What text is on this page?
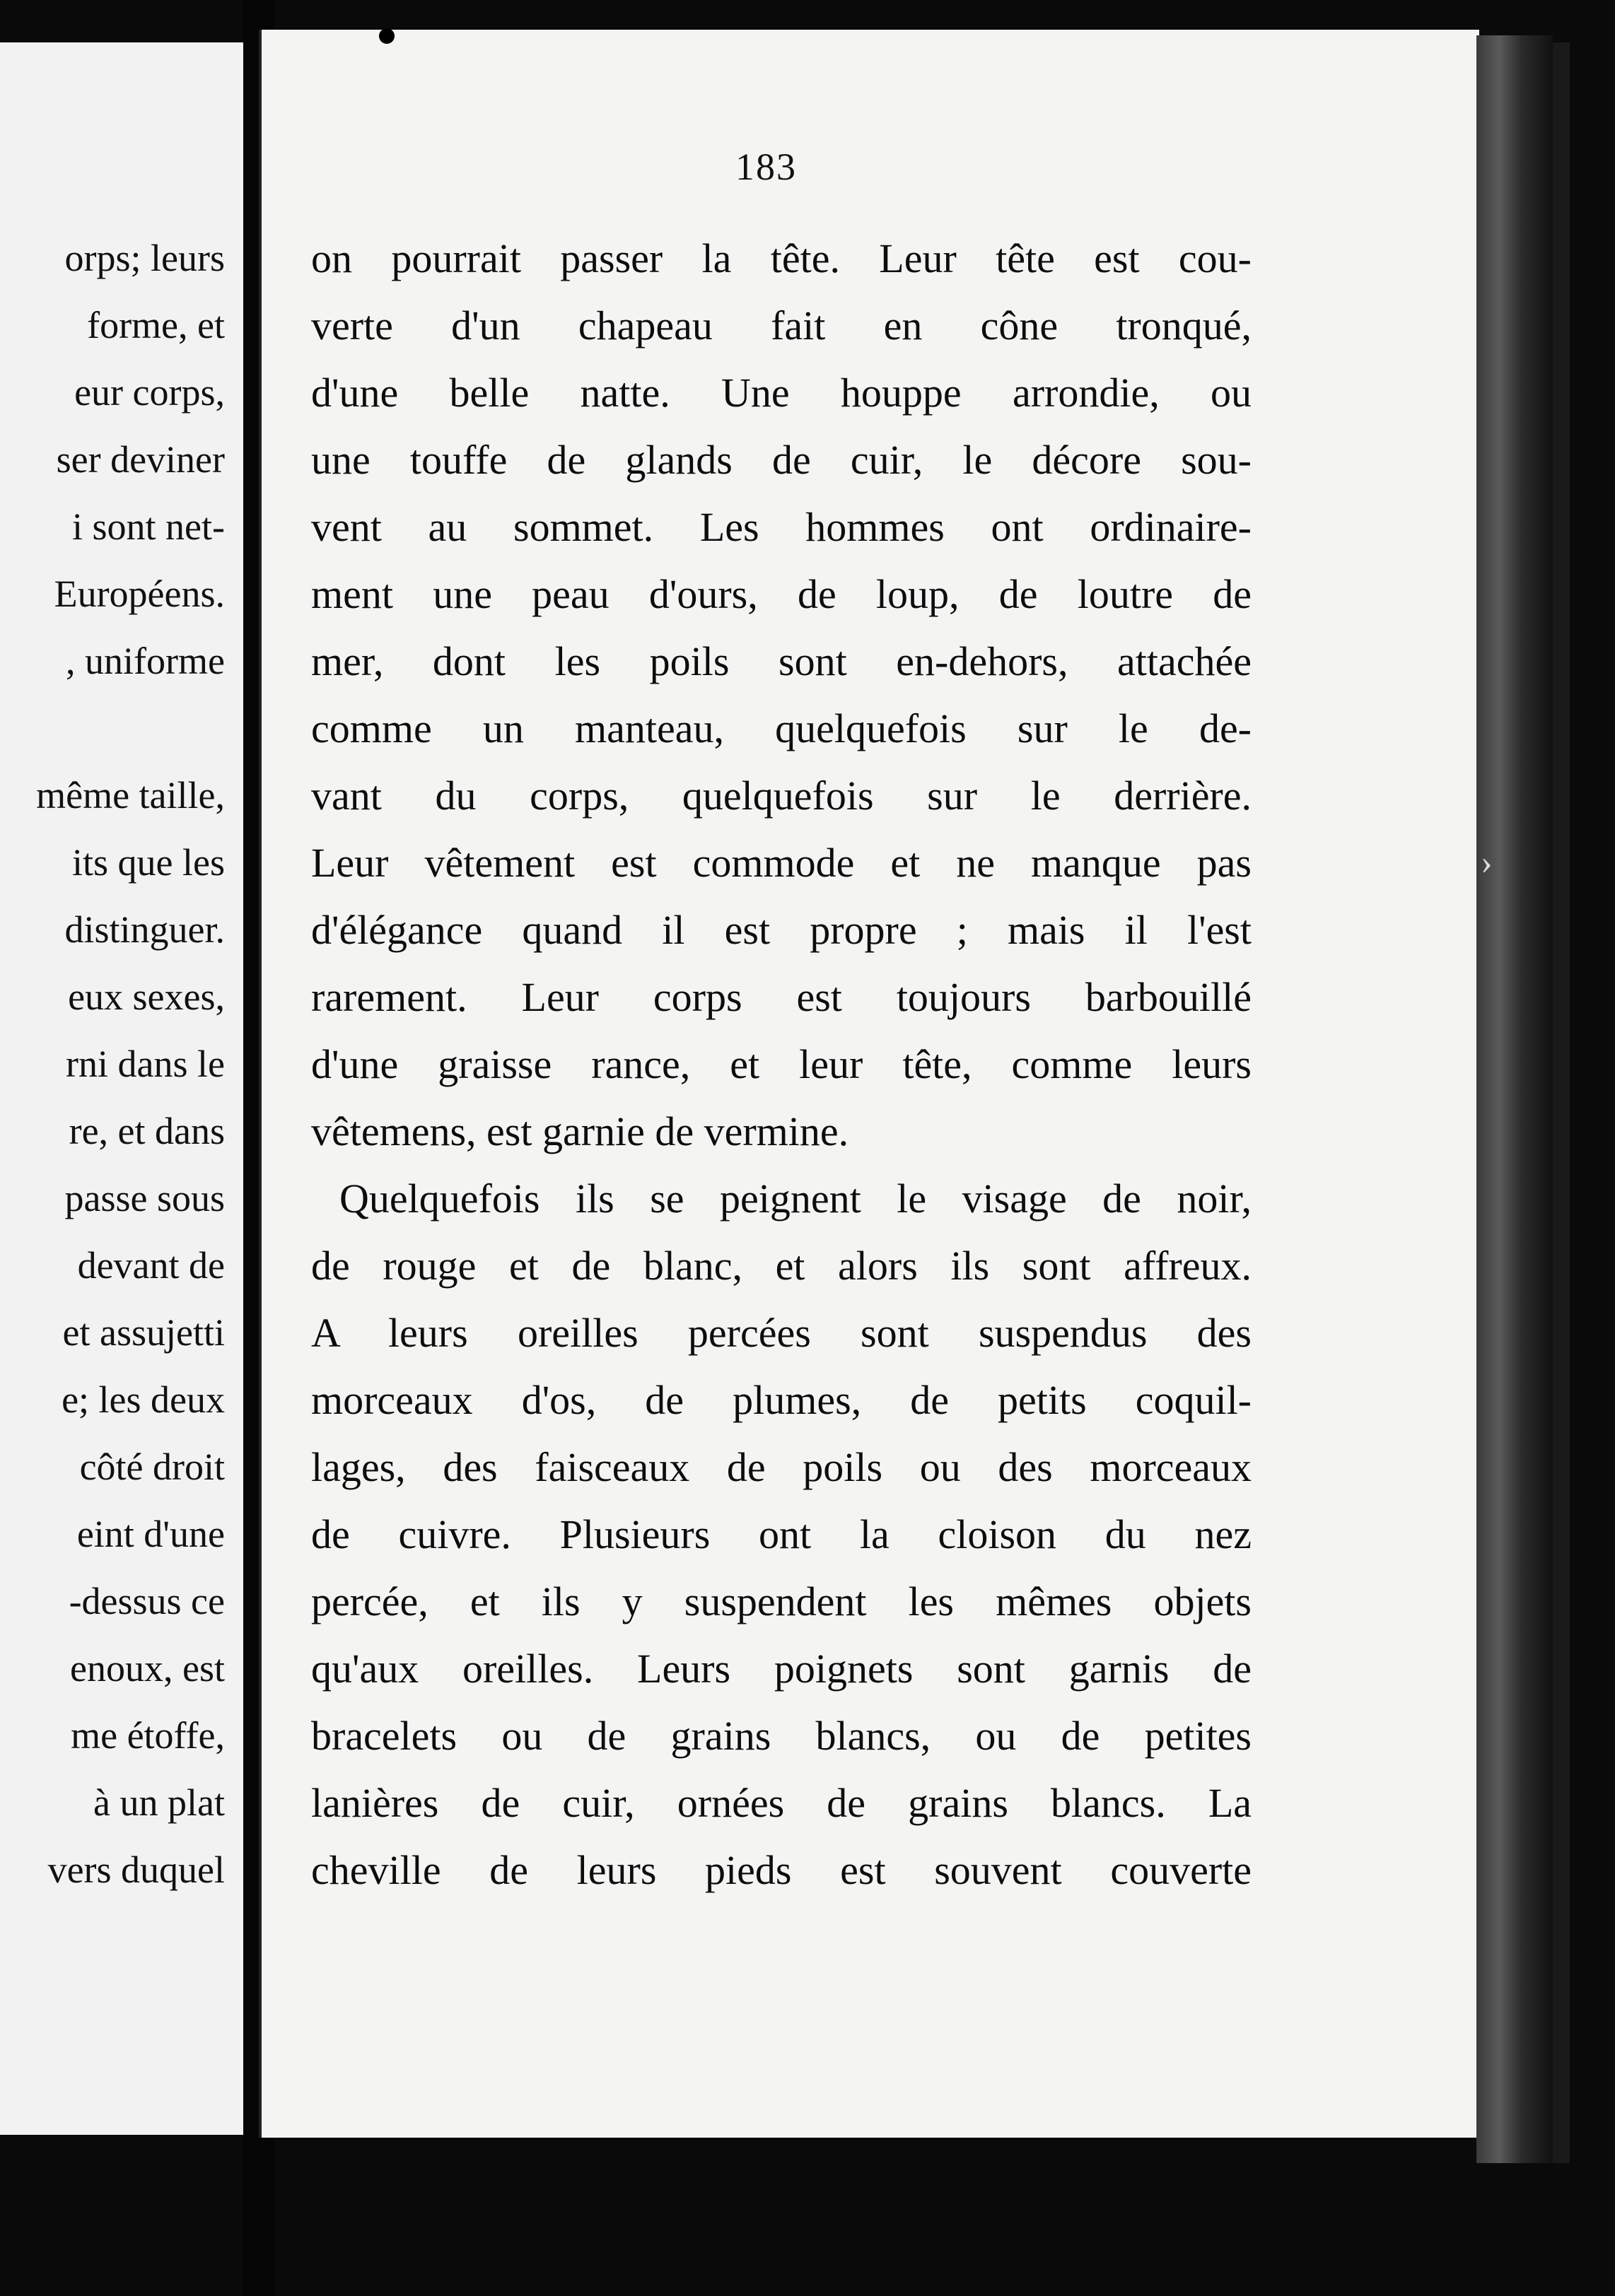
orps; leurs
forme, et
eur corps,
ser deviner
i sont net-
Européens.
, uniforme
même taille,
its que les
distinguer.
eux sexes,
rni dans le
re, et dans
passe sous
devant de
et assujetti
e; les deux
côté droit
eint d'une
-dessus ce
enoux, est
me étoffe,
à un plat
vers duquel
›
183
on pourrait passer la tête. Leur tête est cou-
verte d'un chapeau fait en cône tronqué,
d'une belle natte. Une houppe arrondie, ou
une touffe de glands de cuir, le décore sou-
vent au sommet. Les hommes ont ordinaire-
ment une peau d'ours, de loup, de loutre de
mer, dont les poils sont en-dehors, attachée
comme un manteau, quelquefois sur le de-
vant du corps, quelquefois sur le derrière.
Leur vêtement est commode et ne manque pas
d'élégance quand il est propre ; mais il l'est
rarement. Leur corps est toujours barbouillé
d'une graisse rance, et leur tête, comme leurs
vêtemens, est garnie de vermine.
Quelquefois ils se peignent le visage de noir,
de rouge et de blanc, et alors ils sont affreux.
A leurs oreilles percées sont suspendus des
morceaux d'os, de plumes, de petits coquil-
lages, des faisceaux de poils ou des morceaux
de cuivre. Plusieurs ont la cloison du nez
percée, et ils y suspendent les mêmes objets
qu'aux oreilles. Leurs poignets sont garnis de
bracelets ou de grains blancs, ou de petites
lanières de cuir, ornées de grains blancs. La
cheville de leurs pieds est souvent couverte
